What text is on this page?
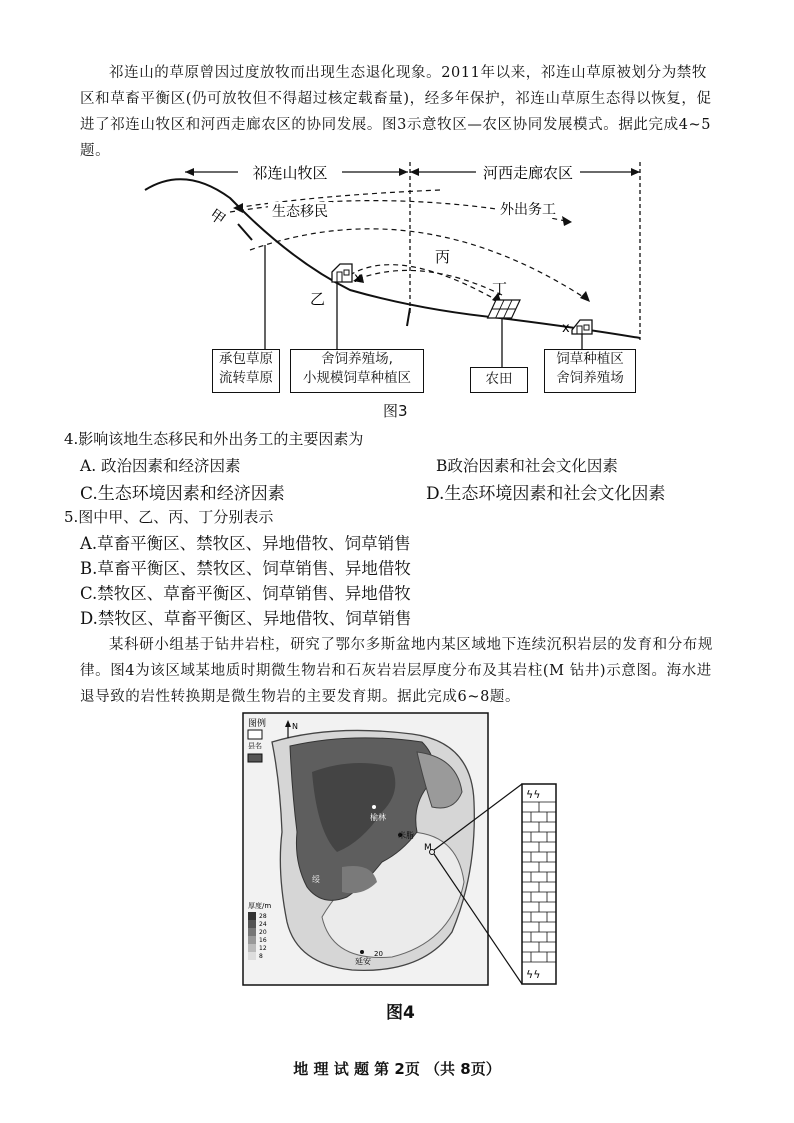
祁连山的草原曾因过度放牧而出现生态退化现象。2011年以来，祁连山草原被划分为禁牧区和草畜平衡区(仍可放牧但不得超过核定载畜量)，经多年保护，祁连山草原生态得以恢复，促进了祁连山牧区和河西走廊农区的协同发展。图3示意牧区—农区协同发展模式。据此完成4~5题。
祁连山牧区	河西走廊农区
生态移民	外出务工
甲
乙
丙
丁
x
x
承包草原
流转草原
舍饲养殖场,
小规模饲草种植区	农田
饲草种植区
舍饲养殖场
图3
4.影响该地生态移民和外出务工的主要因素为
A. 政治因素和经济因素	B政治因素和社会文化因素
C.生态环境因素和经济因素	D.生态环境因素和社会文化因素
5.图中甲、乙、丙、丁分别表示
A.草畜平衡区、禁牧区、异地借牧、饲草销售
B.草畜平衡区、禁牧区、饲草销售、异地借牧
C.禁牧区、草畜平衡区、饲草销售、异地借牧
D.禁牧区、草畜平衡区、异地借牧、饲草销售
某科研小组基于钻井岩柱，研究了鄂尔多斯盆地内某区域地下连续沉积岩层的发育和分布规律。图4为该区域某地质时期微生物岩和石灰岩岩层厚度分布及其岩柱(M 钻井)示意图。海水进退导致的岩性转换期是微生物岩的主要发育期。据此完成6~8题。
榆林
米脂
M
绥
延安
20
图例
县名
N
厚度/m
28
24
20
16
12
8
ϟϟ
ϟϟ
图4
地 理 试 题 第 2页 （共 8页）
